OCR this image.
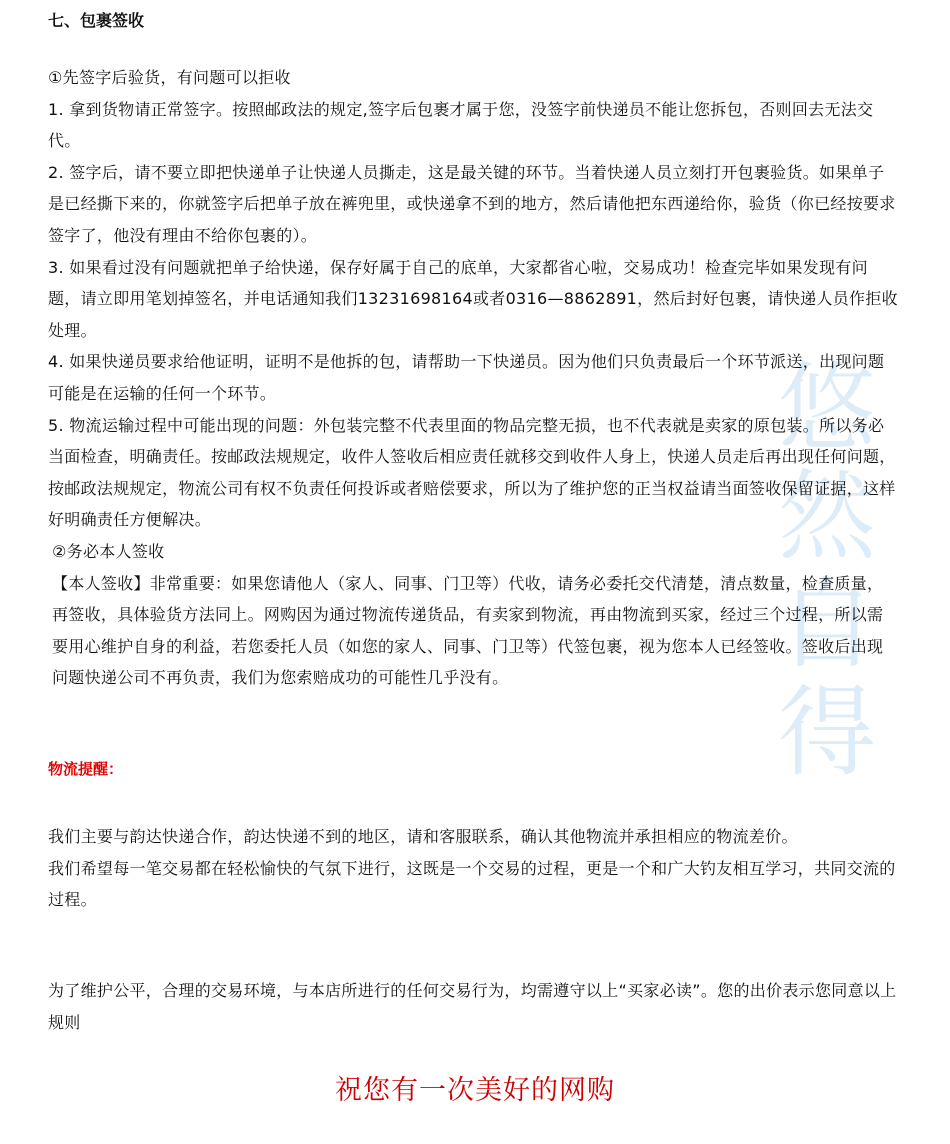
悠
然
自
得
七、包裹签收

①先签字后验货，有问题可以拒收

1. 拿到货物请正常签字。按照邮政法的规定,签字后包裹才属于您，没签字前快递员不能让您拆包，否则回去无法交代。

2. 签字后，请不要立即把快递单子让快递人员撕走，这是最关键的环节。当着快递人员立刻打开包裹验货。如果单子是已经撕下来的，你就签字后把单子放在裤兜里，或快递拿不到的地方，然后请他把东西递给你，验货（你已经按要求签字了，他没有理由不给你包裹的）。

3. 如果看过没有问题就把单子给快递，保存好属于自己的底单，大家都省心啦，交易成功！检查完毕如果发现有问题，请立即用笔划掉签名，并电话通知我们13231698164或者0316—8862891，然后封好包裹，请快递人员作拒收处理。

4. 如果快递员要求给他证明，证明不是他拆的包，请帮助一下快递员。因为他们只负责最后一个环节派送，出现问题可能是在运输的任何一个环节。

5. 物流运输过程中可能出现的问题：外包装完整不代表里面的物品完整无损，也不代表就是卖家的原包装。所以务必当面检查，明确责任。按邮政法规规定，收件人签收后相应责任就移交到收件人身上，快递人员走后再出现任何问题，按邮政法规规定，物流公司有权不负责任何投诉或者赔偿要求，所以为了维护您的正当权益请当面签收保留证据，这样好明确责任方便解决。

②务必本人签收

【本人签收】非常重要：如果您请他人（家人、同事、门卫等）代收，请务必委托交代清楚，清点数量，检查质量，再签收，具体验货方法同上。网购因为通过物流传递货品，有卖家到物流，再由物流到买家，经过三个过程，所以需要用心维护自身的利益，若您委托人员（如您的家人、同事、门卫等）代签包裹，视为您本人已经签收。签收后出现问题快递公司不再负责，我们为您索赔成功的可能性几乎没有。

物流提醒：

我们主要与韵达快递合作，韵达快递不到的地区，请和客服联系，确认其他物流并承担相应的物流差价。

我们希望每一笔交易都在轻松愉快的气氛下进行，这既是一个交易的过程，更是一个和广大钓友相互学习，共同交流的过程。

为了维护公平，合理的交易环境，与本店所进行的任何交易行为，均需遵守以上“买家必读”。您的出价表示您同意以上规则

祝您有一次美好的网购
